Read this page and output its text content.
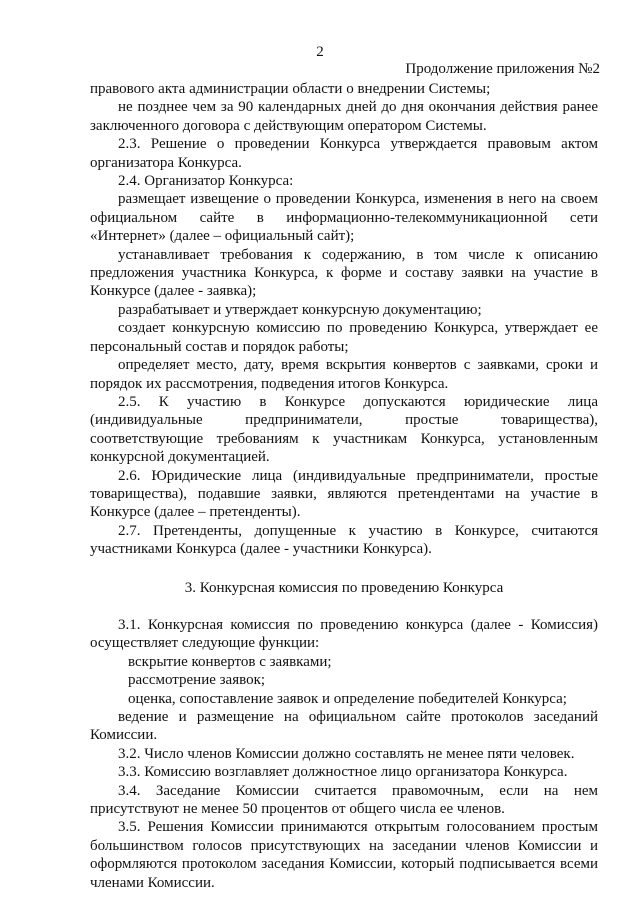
2
Продолжение приложения №2

правового акта администрации области о внедрении Системы;

не позднее чем за 90 календарных дней до дня окончания действия ранее заключенного договора с действующим оператором Системы.

2.3. Решение о проведении Конкурса утверждается правовым актом организатора Конкурса.

2.4. Организатор Конкурса:

размещает извещение о проведении Конкурса, изменения в него на своем официальном сайте в информационно-телекоммуникационной сети «Интернет» (далее – официальный сайт);

устанавливает требования к содержанию, в том числе к описанию предложения участника Конкурса, к форме и составу заявки на участие в Конкурсе (далее - заявка);

разрабатывает и утверждает конкурсную документацию;

создает конкурсную комиссию по проведению Конкурса, утверждает ее персональный состав и порядок работы;

определяет место, дату, время вскрытия конвертов с заявками, сроки и порядок их рассмотрения, подведения итогов Конкурса.

2.5. К участию в Конкурсе допускаются юридические лица (индивидуальные предприниматели, простые товарищества), соответствующие требованиям к участникам Конкурса, установленным конкурсной документацией.

2.6. Юридические лица (индивидуальные предприниматели, простые товарищества), подавшие заявки, являются претендентами на участие в Конкурсе (далее – претенденты).

2.7. Претенденты, допущенные к участию в Конкурсе, считаются участниками Конкурса (далее - участники Конкурса).

3. Конкурсная комиссия по проведению Конкурса

3.1. Конкурсная комиссия по проведению конкурса (далее - Комиссия) осуществляет следующие функции:

вскрытие конвертов с заявками;

рассмотрение заявок;

оценка, сопоставление заявок и определение победителей Конкурса;

ведение и размещение на официальном сайте протоколов заседаний Комиссии.

3.2. Число членов Комиссии должно составлять не менее пяти человек.

3.3. Комиссию возглавляет должностное лицо организатора Конкурса.

3.4. Заседание Комиссии считается правомочным, если на нем присутствуют не менее 50 процентов от общего числа ее членов.

3.5. Решения Комиссии принимаются открытым голосованием простым большинством голосов присутствующих на заседании членов Комиссии и оформляются протоколом заседания Комиссии, который подписывается всеми членами Комиссии.
